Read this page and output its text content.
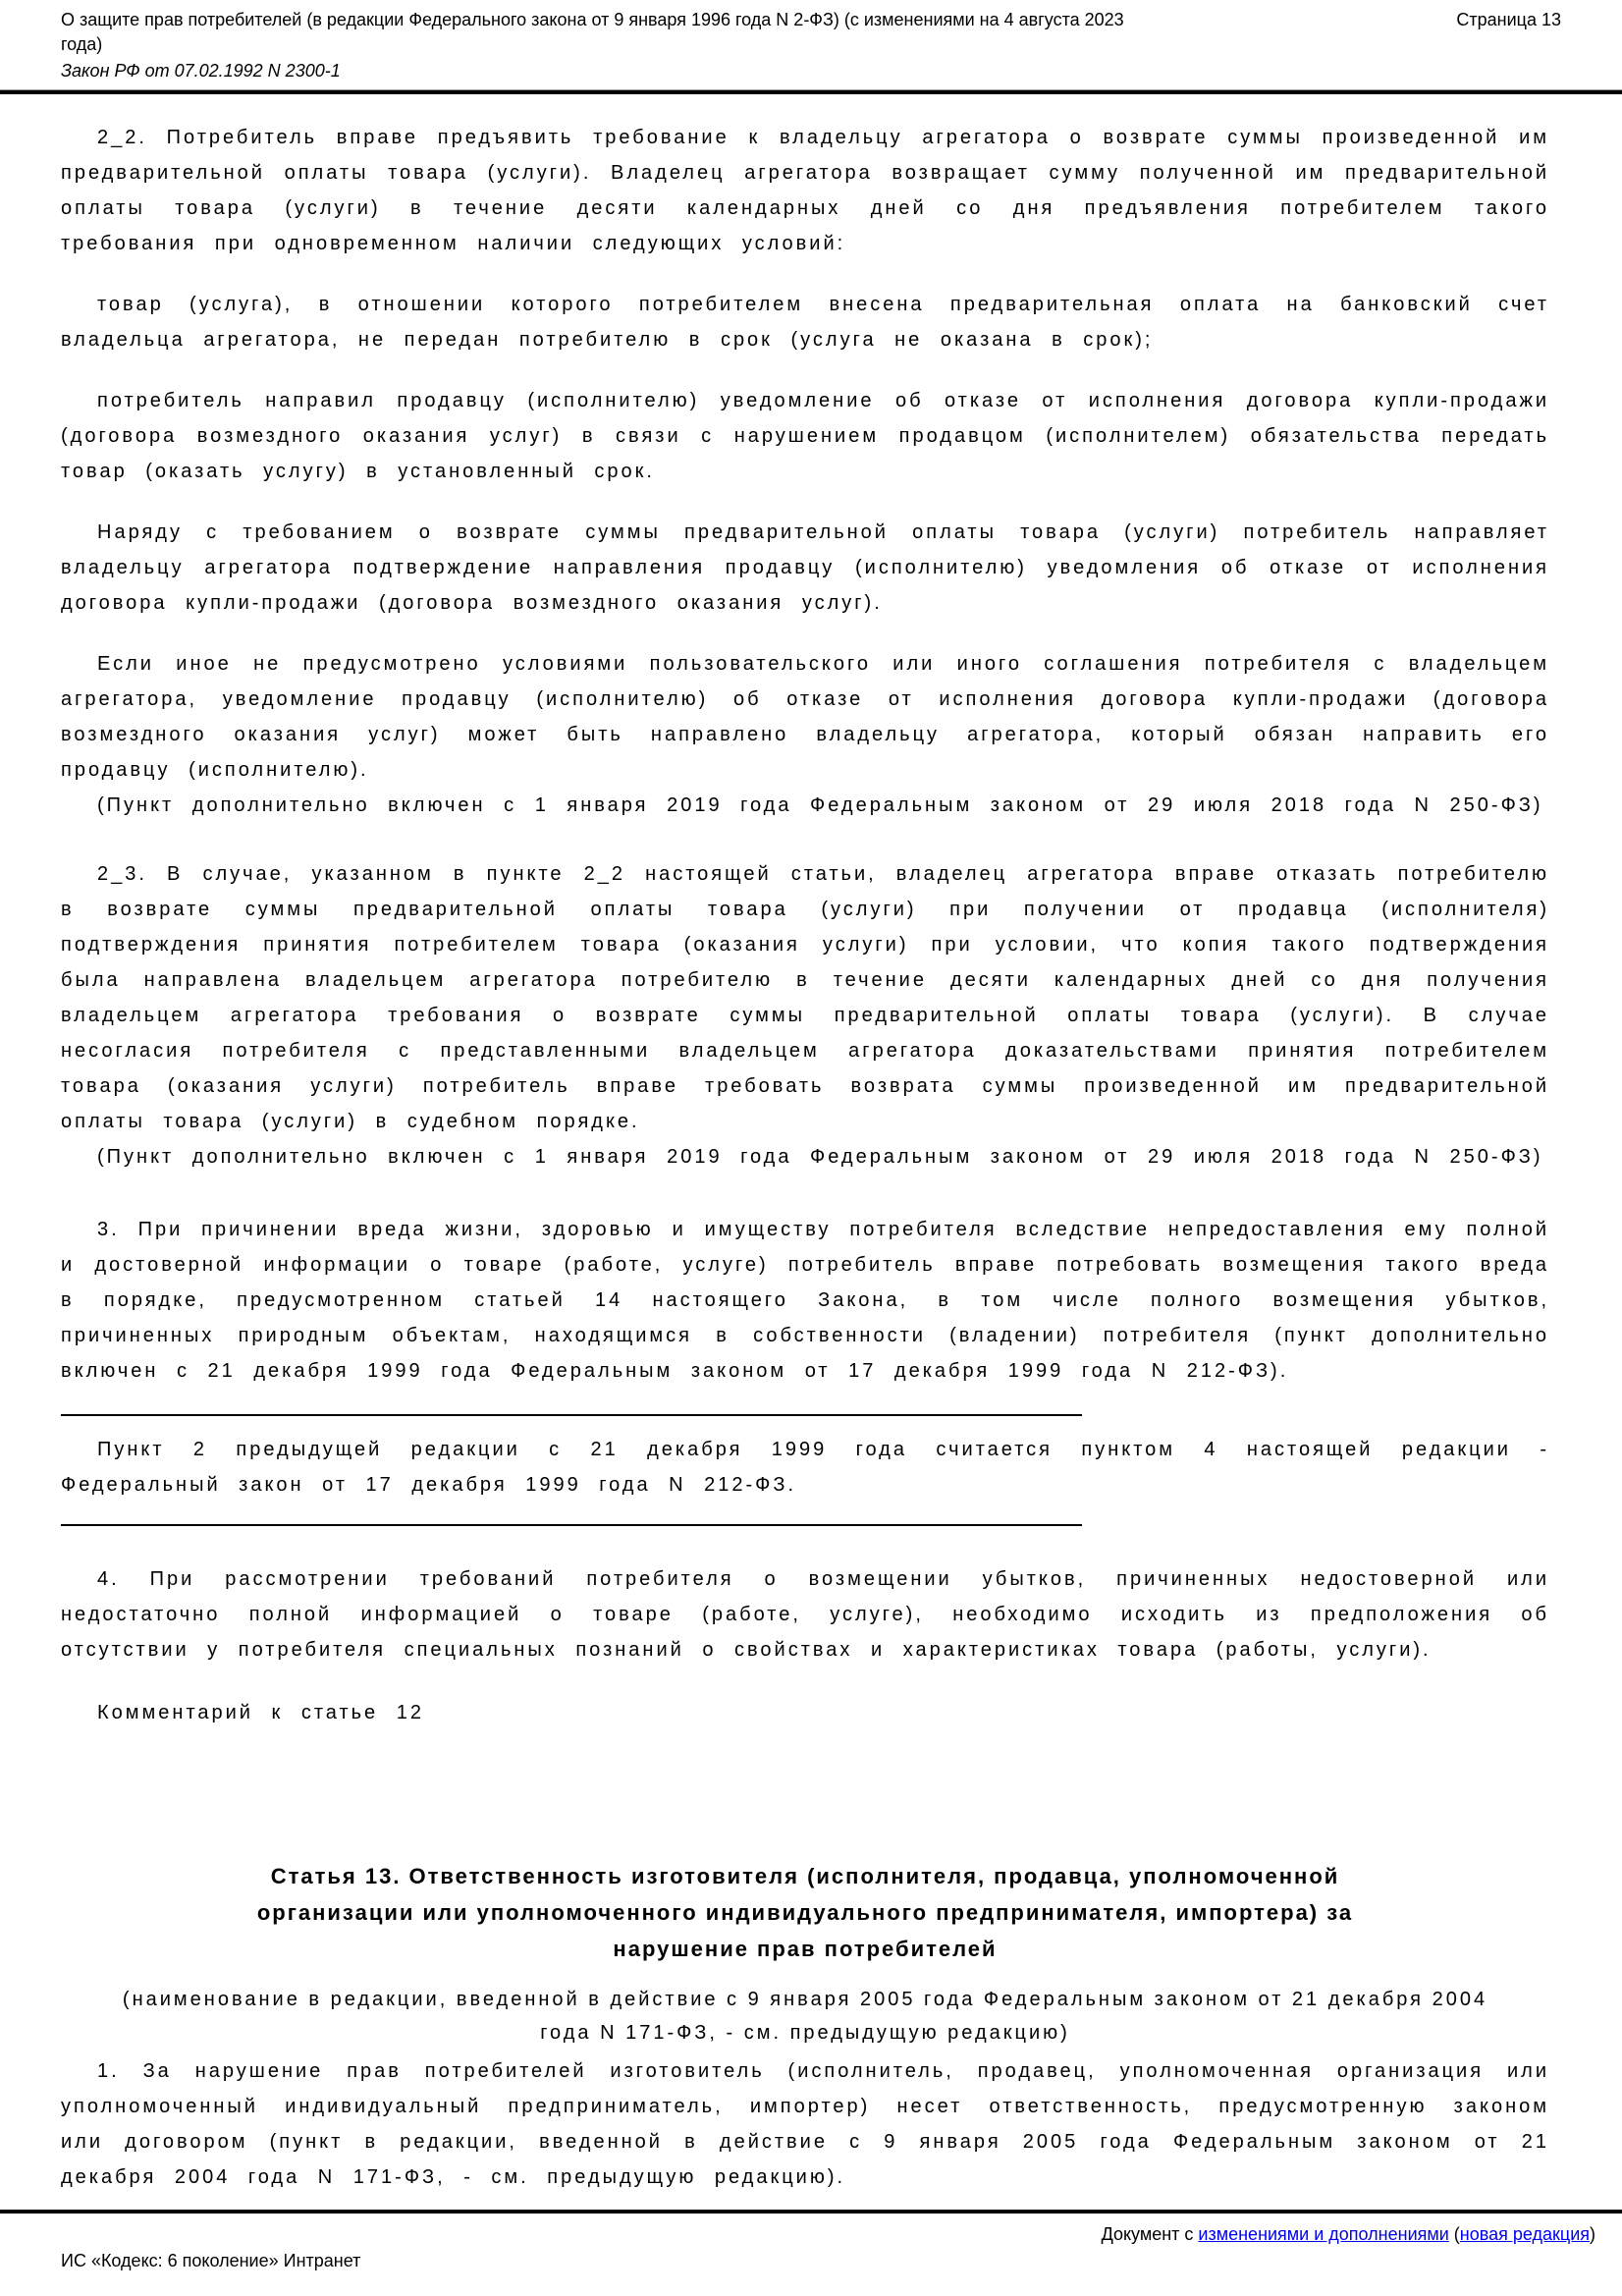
О защите прав потребителей (в редакции Федерального закона от 9 января 1996 года N 2-ФЗ) (с изменениями на 4 августа 2023 года)
Страница 13
Закон РФ от 07.02.1992 N 2300-1

2_2. Потребитель вправе предъявить требование к владельцу агрегатора о возврате суммы произведенной им предварительной оплаты товара (услуги). Владелец агрегатора возвращает сумму полученной им предварительной оплаты товара (услуги) в течение десяти календарных дней со дня предъявления потребителем такого требования при одновременном наличии следующих условий:

товар (услуга), в отношении которого потребителем внесена предварительная оплата на банковский счет владельца агрегатора, не передан потребителю в срок (услуга не оказана в срок);

потребитель направил продавцу (исполнителю) уведомление об отказе от исполнения договора купли-продажи (договора возмездного оказания услуг) в связи с нарушением продавцом (исполнителем) обязательства передать товар (оказать услугу) в установленный срок.

Наряду с требованием о возврате суммы предварительной оплаты товара (услуги) потребитель направляет владельцу агрегатора подтверждение направления продавцу (исполнителю) уведомления об отказе от исполнения договора купли-продажи (договора возмездного оказания услуг).

Если иное не предусмотрено условиями пользовательского или иного соглашения потребителя с владельцем агрегатора, уведомление продавцу (исполнителю) об отказе от исполнения договора купли-продажи (договора возмездного оказания услуг) может быть направлено владельцу агрегатора, который обязан направить его продавцу (исполнителю).

(Пункт дополнительно включен с 1 января 2019 года Федеральным законом от 29 июля 2018 года N 250-ФЗ)

2_3. В случае, указанном в пункте 2_2 настоящей статьи, владелец агрегатора вправе отказать потребителю в возврате суммы предварительной оплаты товара (услуги) при получении от продавца (исполнителя) подтверждения принятия потребителем товара (оказания услуги) при условии, что копия такого подтверждения была направлена владельцем агрегатора потребителю в течение десяти календарных дней со дня получения владельцем агрегатора требования о возврате суммы предварительной оплаты товара (услуги). В случае несогласия потребителя с представленными владельцем агрегатора доказательствами принятия потребителем товара (оказания услуги) потребитель вправе требовать возврата суммы произведенной им предварительной оплаты товара (услуги) в судебном порядке.

(Пункт дополнительно включен с 1 января 2019 года Федеральным законом от 29 июля 2018 года N 250-ФЗ)

3. При причинении вреда жизни, здоровью и имуществу потребителя вследствие непредоставления ему полной и достоверной информации о товаре (работе, услуге) потребитель вправе потребовать возмещения такого вреда в порядке, предусмотренном статьей 14 настоящего Закона, в том числе полного возмещения убытков, причиненных природным объектам, находящимся в собственности (владении) потребителя (пункт дополнительно включен с 21 декабря 1999 года Федеральным законом от 17 декабря 1999 года N 212-ФЗ).

Пункт 2 предыдущей редакции с 21 декабря 1999 года считается пунктом 4 настоящей редакции - Федеральный закон от 17 декабря 1999 года N 212-ФЗ.

4. При рассмотрении требований потребителя о возмещении убытков, причиненных недостоверной или недостаточно полной информацией о товаре (работе, услуге), необходимо исходить из предположения об отсутствии у потребителя специальных познаний о свойствах и характеристиках товара (работы, услуги).

Комментарий к статье 12

Статья 13. Ответственность изготовителя (исполнителя, продавца, уполномоченной организации или уполномоченного индивидуального предпринимателя, импортера) за нарушение прав потребителей

(наименование в редакции, введенной в действие с 9 января 2005 года Федеральным законом от 21 декабря 2004 года N 171-ФЗ, - см. предыдущую редакцию)

1. За нарушение прав потребителей изготовитель (исполнитель, продавец, уполномоченная организация или уполномоченный индивидуальный предприниматель, импортер) несет ответственность, предусмотренную законом или договором (пункт в редакции, введенной в действие с 9 января 2005 года Федеральным законом от 21 декабря 2004 года N 171-ФЗ, - см. предыдущую редакцию).

Документ с изменениями и дополнениями (новая редакция)
ИС «Кодекс: 6 поколение» Интранет
